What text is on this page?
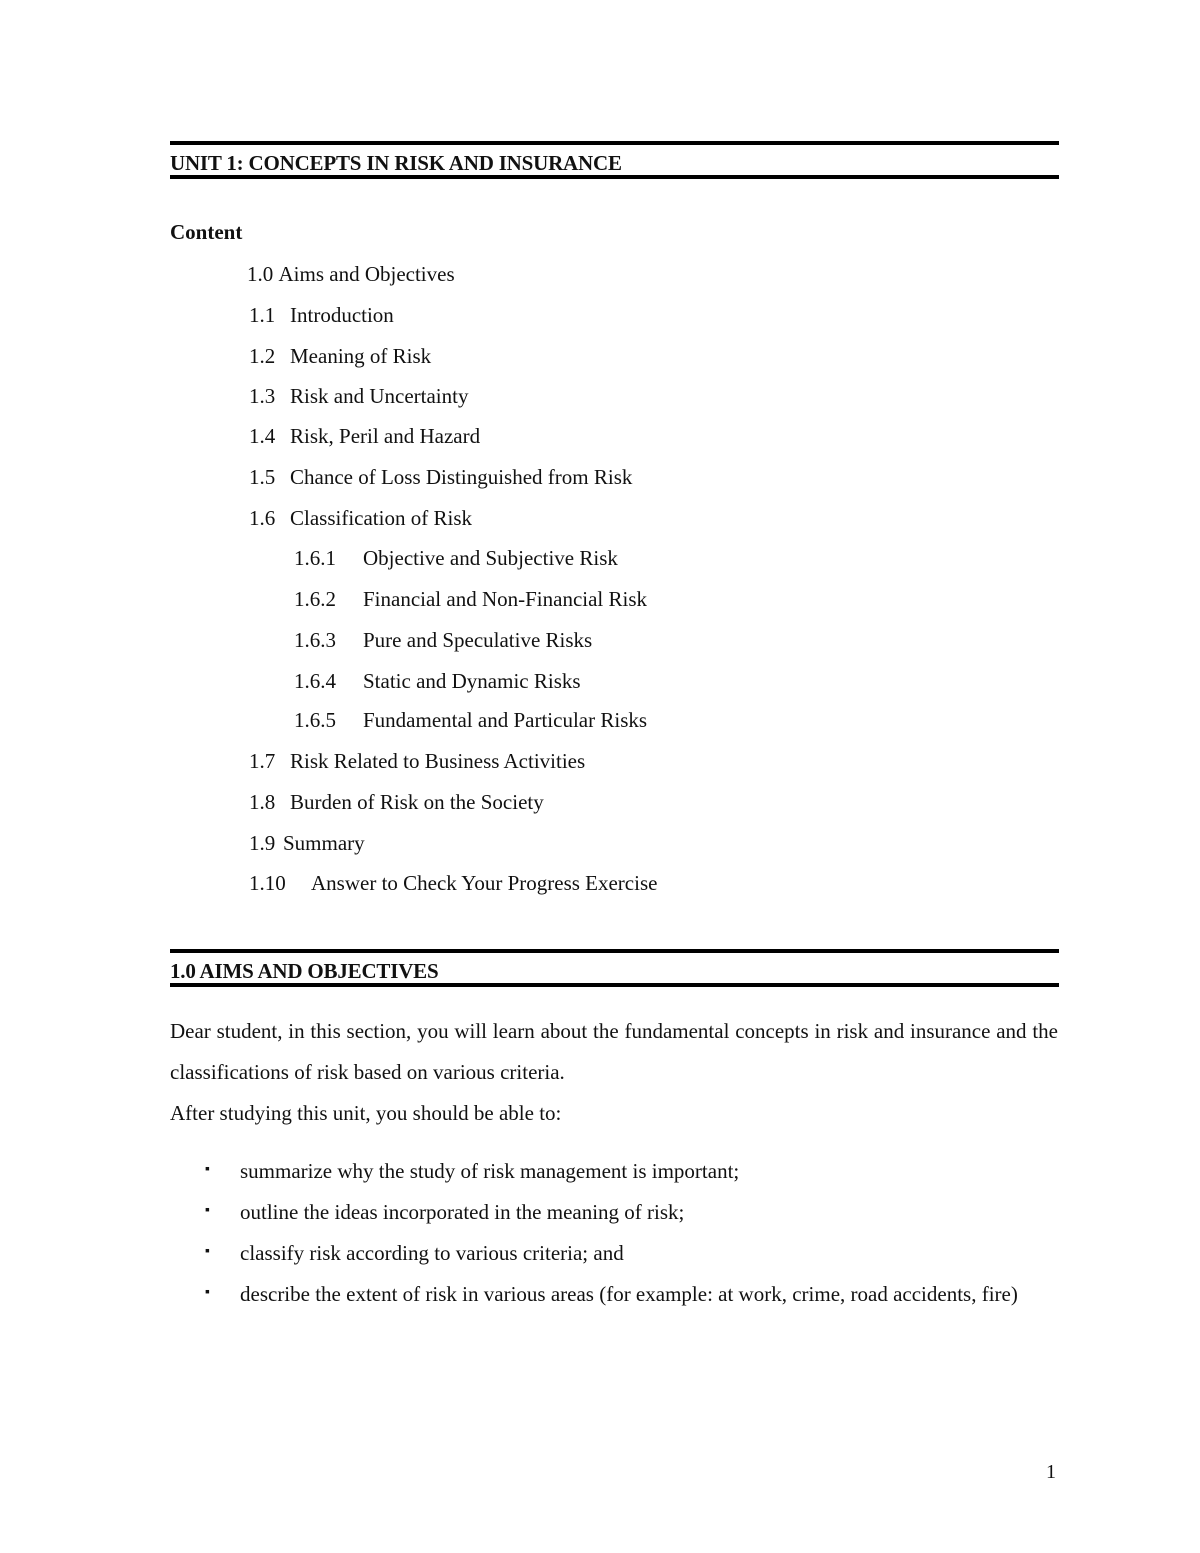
UNIT 1: CONCEPTS IN RISK AND INSURANCE
Content
1.0 Aims and Objectives
1.1 Introduction
1.2 Meaning of Risk
1.3 Risk and Uncertainty
1.4 Risk, Peril and Hazard
1.5 Chance of Loss Distinguished from Risk
1.6 Classification of Risk
1.6.1 Objective and Subjective Risk
1.6.2 Financial and Non-Financial Risk
1.6.3 Pure and Speculative Risks
1.6.4 Static and Dynamic Risks
1.6.5 Fundamental and Particular Risks
1.7 Risk Related to Business Activities
1.8 Burden of Risk on the Society
1.9 Summary
1.10 Answer to Check Your Progress Exercise
1.0 AIMS AND OBJECTIVES
Dear student, in this section, you will learn about the fundamental concepts in risk and insurance and the classifications of risk based on various criteria.
After studying this unit, you should be able to:
▪ summarize why the study of risk management is important;
▪ outline the ideas incorporated in the meaning of risk;
▪ classify risk according to various criteria; and
▪ describe the extent of risk in various areas (for example: at work, crime, road accidents, fire)
1
